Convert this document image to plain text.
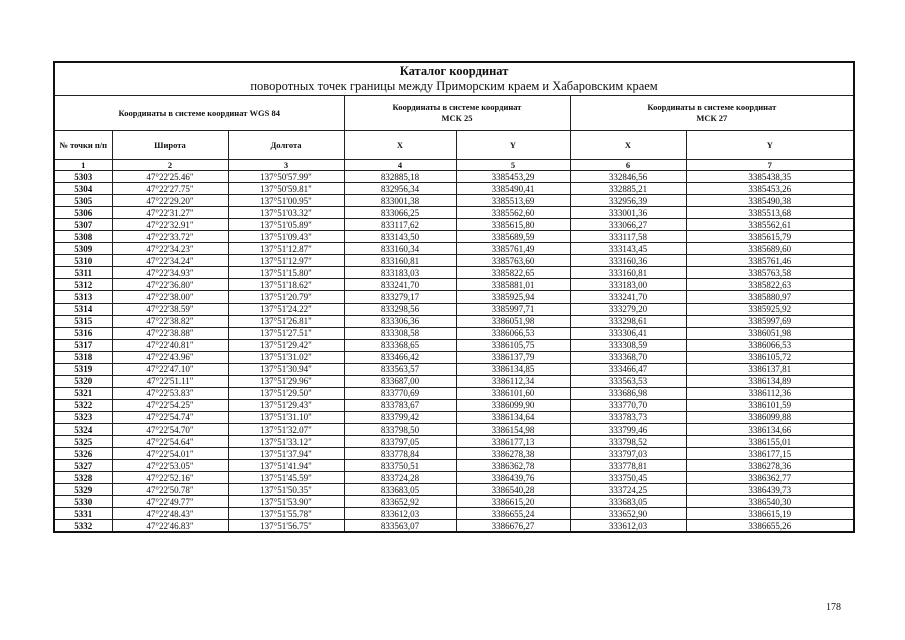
Каталог координат
поворотных точек границы между Приморским краем и Хабаровским краем						

Координаты в системе координат WGS 84			Координаты в системе координат МСК 25		Координаты в системе координат МСК 27	
№ точки п/п	Широта	Долгота	X	Y	X	Y
1	2	3	4	5	6	7
5303	47°22'25.46"	137°50'57.99"	832885,18	3385453,29	332846,56	3385438,35
5304	47°22'27.75"	137°50'59.81"	832956,34	3385490,41	332885,21	3385453,26
5305	47°22'29.20"	137°51'00.95"	833001,38	3385513,69	332956,39	3385490,38
5306	47°22'31.27"	137°51'03.32"	833066,25	3385562,60	333001,36	3385513,68
5307	47°22'32.91"	137°51'05.89"	833117,62	3385615,80	333066,27	3385562,61
5308	47°22'33.72"	137°51'09.43"	833143,50	3385689,59	333117,58	3385615,79
5309	47°22'34.23"	137°51'12.87"	833160,34	3385761,49	333143,45	3385689,60
5310	47°22'34.24"	137°51'12.97"	833160,81	3385763,60	333160,36	3385761,46
5311	47°22'34.93"	137°51'15.80"	833183,03	3385822,65	333160,81	3385763,58
5312	47°22'36.80"	137°51'18.62"	833241,70	3385881,01	333183,00	3385822,63
5313	47°22'38.00"	137°51'20.79"	833279,17	3385925,94	333241,70	3385880,97
5314	47°22'38.59"	137°51'24.22"	833298,56	3385997,71	333279,20	3385925,92
5315	47°22'38.82"	137°51'26.81"	833306,36	3386051,98	333298,61	3385997,69
5316	47°22'38.88"	137°51'27.51"	833308,58	3386066,53	333306,41	3386051,98
5317	47°22'40.81"	137°51'29.42"	833368,65	3386105,75	333308,59	3386066,53
5318	47°22'43.96"	137°51'31.02"	833466,42	3386137,79	333368,70	3386105,72
5319	47°22'47.10"	137°51'30.94"	833563,57	3386134,85	333466,47	3386137,81
5320	47°22'51.11"	137°51'29.96"	833687,00	3386112,34	333563,53	3386134,89
5321	47°22'53.83"	137°51'29.50"	833770,69	3386101,60	333686,98	3386112,36
5322	47°22'54.25"	137°51'29.43"	833783,67	3386099,90	333770,70	3386101,59
5323	47°22'54.74"	137°51'31.10"	833799,42	3386134,64	333783,73	3386099,88
5324	47°22'54.70"	137°51'32.07"	833798,50	3386154,98	333799,46	3386134,66
5325	47°22'54.64"	137°51'33.12"	833797,05	3386177,13	333798,52	3386155,01
5326	47°22'54.01"	137°51'37.94"	833778,84	3386278,38	333797,03	3386177,15
5327	47°22'53.05"	137°51'41.94"	833750,51	3386362,78	333778,81	3386278,36
5328	47°22'52.16"	137°51'45.59"	833724,28	3386439,76	333750,45	3386362,77
5329	47°22'50.78"	137°51'50.35"	833683,05	3386540,28	333724,25	3386439,73
5330	47°22'49.77"	137°51'53.90"	833652,92	3386615,20	333683,05	3386540,30
5331	47°22'48.43"	137°51'55.78"	833612,03	3386655,24	333652,90	3386615,19
5332	47°22'46.83"	137°51'56.75"	833563,07	3386676,27	333612,03	3386655,26
178
